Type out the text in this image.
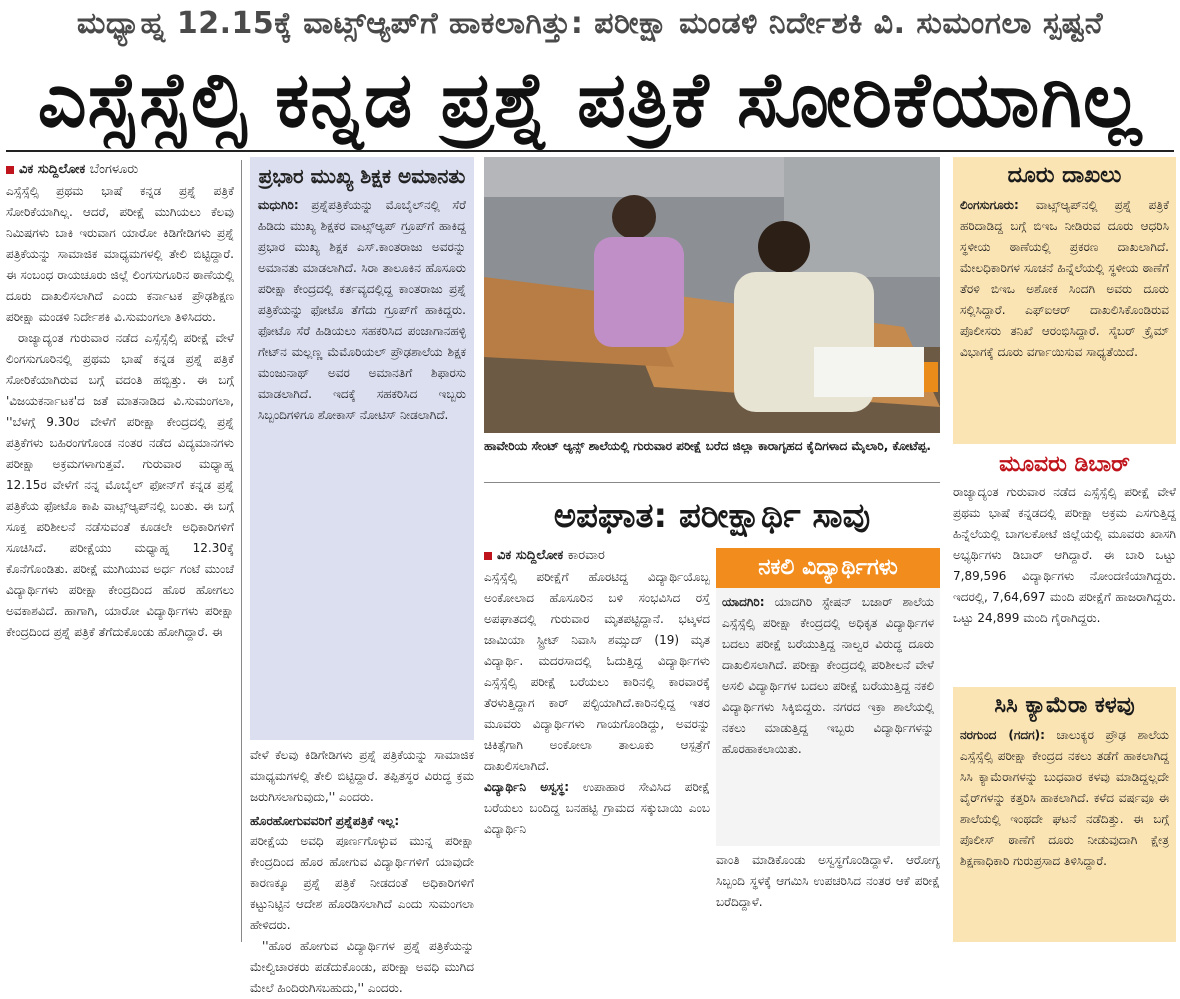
ಮಧ್ಯಾಹ್ನ 12.15ಕ್ಕೆ ವಾಟ್ಸ್ಆ್ಯಪ್‌ಗೆ ಹಾಕಲಾಗಿತ್ತು: ಪರೀಕ್ಷಾ ಮಂಡಳಿ ನಿರ್ದೇಶಕಿ ವಿ. ಸುಮಂಗಲಾ ಸ್ಪಷ್ಟನೆ
ಎಸ್ಸೆಸ್ಸೆಲ್ಸಿ ಕನ್ನಡ ಪ್ರಶ್ನೆ ಪತ್ರಿಕೆ ಸೋರಿಕೆಯಾಗಿಲ್ಲ

ವಿಕ ಸುದ್ದಿಲೋಕ ಬೆಂಗಳೂರು

ಎಸ್ಸೆಸ್ಸೆಲ್ಸಿ ಪ್ರಥಮ ಭಾಷೆ ಕನ್ನಡ ಪ್ರಶ್ನೆ ಪತ್ರಿಕೆ ಸೋರಿಕೆಯಾಗಿಲ್ಲ. ಆದರೆ, ಪರೀಕ್ಷೆ ಮುಗಿಯಲು ಕೆಲವು ನಿಮಿಷಗಳು ಬಾಕಿ ಇರುವಾಗ ಯಾರೋ ಕಿಡಿಗೇಡಿಗಳು ಪ್ರಶ್ನೆ ಪತ್ರಿಕೆಯನ್ನು ಸಾಮಾಜಿಕ ಮಾಧ್ಯಮಗಳಲ್ಲಿ ತೇಲಿ ಬಿಟ್ಟಿದ್ದಾರೆ. ಈ ಸಂಬಂಧ ರಾಯಚೂರು ಜಿಲ್ಲೆ ಲಿಂಗಸುಗೂರಿನ ಠಾಣೆಯಲ್ಲಿ ದೂರು ದಾಖಲಿಸಲಾಗಿದೆ ಎಂದು ಕರ್ನಾಟಕ ಪ್ರೌಢಶಿಕ್ಷಣ ಪರೀಕ್ಷಾ ಮಂಡಳಿ ನಿರ್ದೇಶಕಿ ವಿ.ಸುಮಂಗಲಾ ತಿಳಿಸಿದರು.

ರಾಜ್ಯಾದ್ಯಂತ ಗುರುವಾರ ನಡೆದ ಎಸ್ಸೆಸ್ಸೆಲ್ಸಿ ಪರೀಕ್ಷೆ ವೇಳೆ ಲಿಂಗಸುಗೂರಿನಲ್ಲಿ ಪ್ರಥಮ ಭಾಷೆ ಕನ್ನಡ ಪ್ರಶ್ನೆ ಪತ್ರಿಕೆ ಸೋರಿಕೆಯಾಗಿರುವ ಬಗ್ಗೆ ವದಂತಿ ಹಬ್ಬಿತ್ತು. ಈ ಬಗ್ಗೆ 'ವಿಜಯಕರ್ನಾಟಕ'ದ ಜತೆ ಮಾತನಾಡಿದ ವಿ.ಸುಮಂಗಲಾ, ''ಬೆಳಗ್ಗೆ 9.30ರ ವೇಳೆಗೆ ಪರೀಕ್ಷಾ ಕೇಂದ್ರದಲ್ಲಿ ಪ್ರಶ್ನೆ ಪತ್ರಿಕೆಗಳು ಬಹಿರಂಗಗೊಂಡ ನಂತರ ನಡೆದ ವಿದ್ಯಮಾನಗಳು ಪರೀಕ್ಷಾ ಅಕ್ರಮಗಳಾಗುತ್ತವೆ. ಗುರುವಾರ ಮಧ್ಯಾಹ್ನ 12.15ರ ವೇಳೆಗೆ ನನ್ನ ಮೊಬೈಲ್ ಫೋನ್‌ಗೆ ಕನ್ನಡ ಪ್ರಶ್ನೆ ಪತ್ರಿಕೆಯ ಫೋಟೊ ಕಾಪಿ ವಾಟ್ಸ್ಆ್ಯಪ್‌ನಲ್ಲಿ ಬಂತು. ಈ ಬಗ್ಗೆ ಸೂಕ್ತ ಪರಿಶೀಲನೆ ನಡೆಸುವಂತೆ ಕೂಡಲೇ ಅಧಿಕಾರಿಗಳಿಗೆ ಸೂಚಿಸಿದೆ. ಪರೀಕ್ಷೆಯು ಮಧ್ಯಾಹ್ನ 12.30ಕ್ಕೆ ಕೊನೆಗೊಂಡಿತು. ಪರೀಕ್ಷೆ ಮುಗಿಯುವ ಅರ್ಧ ಗಂಟೆ ಮುಂಚೆ ವಿದ್ಯಾರ್ಥಿಗಳು ಪರೀಕ್ಷಾ ಕೇಂದ್ರದಿಂದ ಹೊರ ಹೋಗಲು ಅವಕಾಶವಿದೆ. ಹಾಗಾಗಿ, ಯಾರೋ ವಿದ್ಯಾರ್ಥಿಗಳು ಪರೀಕ್ಷಾ ಕೇಂದ್ರದಿಂದ ಪ್ರಶ್ನೆ ಪತ್ರಿಕೆ ತೆಗೆದುಕೊಂಡು ಹೋಗಿದ್ದಾರೆ. ಈ

ಪ್ರಭಾರ ಮುಖ್ಯ ಶಿಕ್ಷಕ ಅಮಾನತು

ಮಧುಗಿರಿ: ಪ್ರಶ್ನೆಪತ್ರಿಕೆಯನ್ನು ಮೊಬೈಲ್‌ನಲ್ಲಿ ಸೆರೆ ಹಿಡಿದು ಮುಖ್ಯ ಶಿಕ್ಷಕರ ವಾಟ್ಸ್ಆ್ಯಪ್ ಗ್ರೂಪ್‌ಗೆ ಹಾಕಿದ್ದ ಪ್ರಭಾರ ಮುಖ್ಯ ಶಿಕ್ಷಕ ಎಸ್.ಕಾಂತರಾಜು ಅವರನ್ನು ಅಮಾನತು ಮಾಡಲಾಗಿದೆ. ಸಿರಾ ತಾಲೂಕಿನ ಹೊಸೂರು ಪರೀಕ್ಷಾ ಕೇಂದ್ರದಲ್ಲಿ ಕರ್ತವ್ಯದಲ್ಲಿದ್ದ ಕಾಂತರಾಜು ಪ್ರಶ್ನೆ ಪತ್ರಿಕೆಯನ್ನು ಫೋಟೊ ತೆಗೆದು ಗ್ರೂಪ್‌ಗೆ ಹಾಕಿದ್ದರು. ಫೋಟೊ ಸೆರೆ ಹಿಡಿಯಲು ಸಹಕರಿಸಿದ ಪಂಜಾಗಾನಹಳ್ಳಿ ಗೇಟ್‌ನ ಮಲ್ಲಣ್ಣ ಮೆಮೊರಿಯಲ್ ಪ್ರೌಢಶಾಲೆಯ ಶಿಕ್ಷಕ ಮಂಜುನಾಥ್ ಅವರ ಅಮಾನತಿಗೆ ಶಿಫಾರಸು ಮಾಡಲಾಗಿದೆ. ಇದಕ್ಕೆ ಸಹಕರಿಸಿದ ಇಬ್ಬರು ಸಿಬ್ಬಂದಿಗಳಿಗೂ ಶೋಕಾಸ್ ನೋಟಿಸ್ ನೀಡಲಾಗಿದೆ.

ವೇಳೆ ಕೆಲವು ಕಿಡಿಗೇಡಿಗಳು ಪ್ರಶ್ನೆ ಪತ್ರಿಕೆಯನ್ನು ಸಾಮಾಜಿಕ ಮಾಧ್ಯಮಗಳಲ್ಲಿ ತೇಲಿ ಬಿಟ್ಟಿದ್ದಾರೆ. ತಪ್ಪಿತಸ್ಥರ ವಿರುದ್ಧ ಕ್ರಮ ಜರುಗಿಸಲಾಗುವುದು,'' ಎಂದರು.

ಹೊರಹೋಗುವವರಿಗೆ ಪ್ರಶ್ನೆಪತ್ರಿಕೆ ಇಲ್ಲ:

ಪರೀಕ್ಷೆಯ ಅವಧಿ ಪೂರ್ಣಗೊಳ್ಳುವ ಮುನ್ನ ಪರೀಕ್ಷಾ ಕೇಂದ್ರದಿಂದ ಹೊರ ಹೋಗುವ ವಿದ್ಯಾರ್ಥಿಗಳಿಗೆ ಯಾವುದೇ ಕಾರಣಕ್ಕೂ ಪ್ರಶ್ನೆ ಪತ್ರಿಕೆ ನೀಡದಂತೆ ಅಧಿಕಾರಿಗಳಿಗೆ ಕಟ್ಟುನಿಟ್ಟಿನ ಆದೇಶ ಹೊರಡಿಸಲಾಗಿದೆ ಎಂದು ಸುಮಂಗಲಾ ಹೇಳಿದರು.

''ಹೊರ ಹೋಗುವ ವಿದ್ಯಾರ್ಥಿಗಳ ಪ್ರಶ್ನೆ ಪತ್ರಿಕೆಯನ್ನು ಮೇಲ್ವಿಚಾರಕರು ಪಡೆದುಕೊಂಡು, ಪರೀಕ್ಷಾ ಅವಧಿ ಮುಗಿದ ಮೇಲೆ ಹಿಂದಿರುಗಿಸಬಹುದು,'' ಎಂದರು.

ಹಾವೇರಿಯ ಸೇಂಟ್ ಆ್ಯನ್ಸ್ ಶಾಲೆಯಲ್ಲಿ ಗುರುವಾರ ಪರೀಕ್ಷೆ ಬರೆದ ಜಿಲ್ಲಾ ಕಾರಾಗೃಹದ ಕೈದಿಗಳಾದ ಮೈಲಾರಿ, ಕೋಟೆಪ್ಪ.
ಅಪಘಾತ: ಪರೀಕ್ಷಾರ್ಥಿ ಸಾವು

ವಿಕ ಸುದ್ದಿಲೋಕ ಕಾರವಾರ

ಎಸ್ಸೆಸ್ಸೆಲ್ಸಿ ಪರೀಕ್ಷೆಗೆ ಹೊರಟಿದ್ದ ವಿದ್ಯಾರ್ಥಿಯೊಬ್ಬ ಅಂಕೋಲಾದ ಹೊಸೂರಿನ ಬಳಿ ಸಂಭವಿಸಿದ ರಸ್ತೆ ಅಪಘಾತದಲ್ಲಿ ಗುರುವಾರ ಮೃತಪಟ್ಟಿದ್ದಾನೆ. ಭಟ್ಕಳದ ಜಾಮಿಯಾ ಸ್ಟ್ರೀಟ್ ನಿವಾಸಿ ಶಮ್ಸುದ್ (19) ಮೃತ ವಿದ್ಯಾರ್ಥಿ. ಮದರಸಾದಲ್ಲಿ ಓದುತ್ತಿದ್ದ ವಿದ್ಯಾರ್ಥಿಗಳು ಎಸ್ಸೆಸ್ಸೆಲ್ಸಿ ಪರೀಕ್ಷೆ ಬರೆಯಲು ಕಾರಿನಲ್ಲಿ ಕಾರವಾರಕ್ಕೆ ತೆರಳುತ್ತಿದ್ದಾಗ ಕಾರ್ ಪಲ್ಟಿಯಾಗಿದೆ.ಕಾರಿನಲ್ಲಿದ್ದ ಇತರ ಮೂವರು ವಿದ್ಯಾರ್ಥಿಗಳು ಗಾಯಗೊಂಡಿದ್ದು, ಅವರನ್ನು ಚಿಕಿತ್ಸೆಗಾಗಿ ಅಂಕೋಲಾ ತಾಲೂಕು ಆಸ್ಪತ್ರೆಗೆ ದಾಖಲಿಸಲಾಗಿದೆ.

ವಿದ್ಯಾರ್ಥಿನಿ ಅಸ್ವಸ್ಥ: ಉಪಾಹಾರ ಸೇವಿಸಿದ ಪರೀಕ್ಷೆ ಬರೆಯಲು ಬಂದಿದ್ದ ಬನಹಟ್ಟಿ ಗ್ರಾಮದ ಸಕ್ಕುಬಾಯಿ ಎಂಬ ವಿದ್ಯಾರ್ಥಿನಿ

ನಕಲಿ ವಿದ್ಯಾರ್ಥಿಗಳು

ಯಾದಗಿರಿ: ಯಾದಗಿರಿ ಸ್ಟೇಷನ್ ಬಜಾರ್ ಶಾಲೆಯ ಎಸ್ಸೆಸ್ಸೆಲ್ಸಿ ಪರೀಕ್ಷಾ ಕೇಂದ್ರದಲ್ಲಿ ಅಧಿಕೃತ ವಿದ್ಯಾರ್ಥಿಗಳ ಬದಲು ಪರೀಕ್ಷೆ ಬರೆಯುತ್ತಿದ್ದ ನಾಲ್ವರ ವಿರುದ್ಧ ದೂರು ದಾಖಲಿಸಲಾಗಿದೆ. ಪರೀಕ್ಷಾ ಕೇಂದ್ರದಲ್ಲಿ ಪರಿಶೀಲನೆ ವೇಳೆ ಅಸಲಿ ವಿದ್ಯಾರ್ಥಿಗಳ ಬದಲು ಪರೀಕ್ಷೆ ಬರೆಯುತ್ತಿದ್ದ ನಕಲಿ ವಿದ್ಯಾರ್ಥಿಗಳು ಸಿಕ್ಕಿಬಿದ್ದರು. ನಗರದ ಇಕ್ರಾ ಶಾಲೆಯಲ್ಲಿ ನಕಲು ಮಾಡುತ್ತಿದ್ದ ಇಬ್ಬರು ವಿದ್ಯಾರ್ಥಿಗಳನ್ನು ಹೊರಹಾಕಲಾಯಿತು.

ವಾಂತಿ ಮಾಡಿಕೊಂಡು ಅಸ್ವಸ್ಥಗೊಂಡಿದ್ದಾಳೆ. ಆರೋಗ್ಯ ಸಿಬ್ಬಂದಿ ಸ್ಥಳಕ್ಕೆ ಆಗಮಿಸಿ ಉಪಚರಿಸಿದ ನಂತರ ಆಕೆ ಪರೀಕ್ಷೆ ಬರೆದಿದ್ದಾಳೆ.

ದೂರು ದಾಖಲು

ಲಿಂಗಸುಗೂರು: ವಾಟ್ಸ್ಆ್ಯಪ್‌ನಲ್ಲಿ ಪ್ರಶ್ನೆ ಪತ್ರಿಕೆ ಹರಿದಾಡಿದ್ದ ಬಗ್ಗೆ ಬಿಇಒ ನೀಡಿರುವ ದೂರು ಆಧರಿಸಿ ಸ್ಥಳೀಯ ಠಾಣೆಯಲ್ಲಿ ಪ್ರಕರಣ ದಾಖಲಾಗಿದೆ. ಮೇಲಧಿಕಾರಿಗಳ ಸೂಚನೆ ಹಿನ್ನೆಲೆಯಲ್ಲಿ ಸ್ಥಳೀಯ ಠಾಣೆಗೆ ತೆರಳಿ ಬಿಇಒ ಅಶೋಕ ಸಿಂದಗಿ ಅವರು ದೂರು ಸಲ್ಲಿಸಿದ್ದಾರೆ. ಎಫ್ಐಆರ್ ದಾಖಲಿಸಿಕೊಂಡಿರುವ ಪೊಲೀಸರು ತನಿಖೆ ಆರಂಭಿಸಿದ್ದಾರೆ. ಸೈಬರ್ ಕ್ರೈಮ್ ವಿಭಾಗಕ್ಕೆ ದೂರು ವರ್ಗಾಯಿಸುವ ಸಾಧ್ಯತೆಯಿದೆ.

ಮೂವರು ಡಿಬಾರ್

ರಾಜ್ಯಾದ್ಯಂತ ಗುರುವಾರ ನಡೆದ ಎಸ್ಸೆಸ್ಸೆಲ್ಸಿ ಪರೀಕ್ಷೆ ವೇಳೆ ಪ್ರಥಮ ಭಾಷೆ ಕನ್ನಡದಲ್ಲಿ ಪರೀಕ್ಷಾ ಅಕ್ರಮ ಎಸಗುತ್ತಿದ್ದ ಹಿನ್ನೆಲೆಯಲ್ಲಿ ಬಾಗಲಕೋಟೆ ಜಿಲ್ಲೆಯಲ್ಲಿ ಮೂವರು ಖಾಸಗಿ ಅಭ್ಯರ್ಥಿಗಳು ಡಿಬಾರ್ ಆಗಿದ್ದಾರೆ. ಈ ಬಾರಿ ಒಟ್ಟು 7,89,596 ವಿದ್ಯಾರ್ಥಿಗಳು ನೋಂದಣಿಯಾಗಿದ್ದರು. ಇದರಲ್ಲಿ, 7,64,697 ಮಂದಿ ಪರೀಕ್ಷೆಗೆ ಹಾಜರಾಗಿದ್ದರು. ಒಟ್ಟು 24,899 ಮಂದಿ ಗೈರಾಗಿದ್ದರು.

ಸಿಸಿ ಕ್ಯಾಮೆರಾ ಕಳವು

ನರಗುಂದ (ಗದಗ): ಚಾಲುಕ್ಯರ ಪ್ರೌಢ ಶಾಲೆಯ ಎಸ್ಸೆಸ್ಸೆಲ್ಸಿ ಪರೀಕ್ಷಾ ಕೇಂದ್ರದ ನಕಲು ತಡೆಗೆ ಹಾಕಲಾಗಿದ್ದ ಸಿಸಿ ಕ್ಯಾಮೆರಾಗಳನ್ನು ಬುಧವಾರ ಕಳವು ಮಾಡಿದ್ದಲ್ಲದೇ ವೈರ್‌ಗಳನ್ನು ಕತ್ತರಿಸಿ ಹಾಕಲಾಗಿದೆ. ಕಳೆದ ವರ್ಷವೂ ಈ ಶಾಲೆಯಲ್ಲಿ ಇಂಥದೇ ಘಟನೆ ನಡೆದಿತ್ತು. ಈ ಬಗ್ಗೆ ಪೊಲೀಸ್ ಠಾಣೆಗೆ ದೂರು ನೀಡುವುದಾಗಿ ಕ್ಷೇತ್ರ ಶಿಕ್ಷಣಾಧಿಕಾರಿ ಗುರುಪ್ರಸಾದ ತಿಳಿಸಿದ್ದಾರೆ.
